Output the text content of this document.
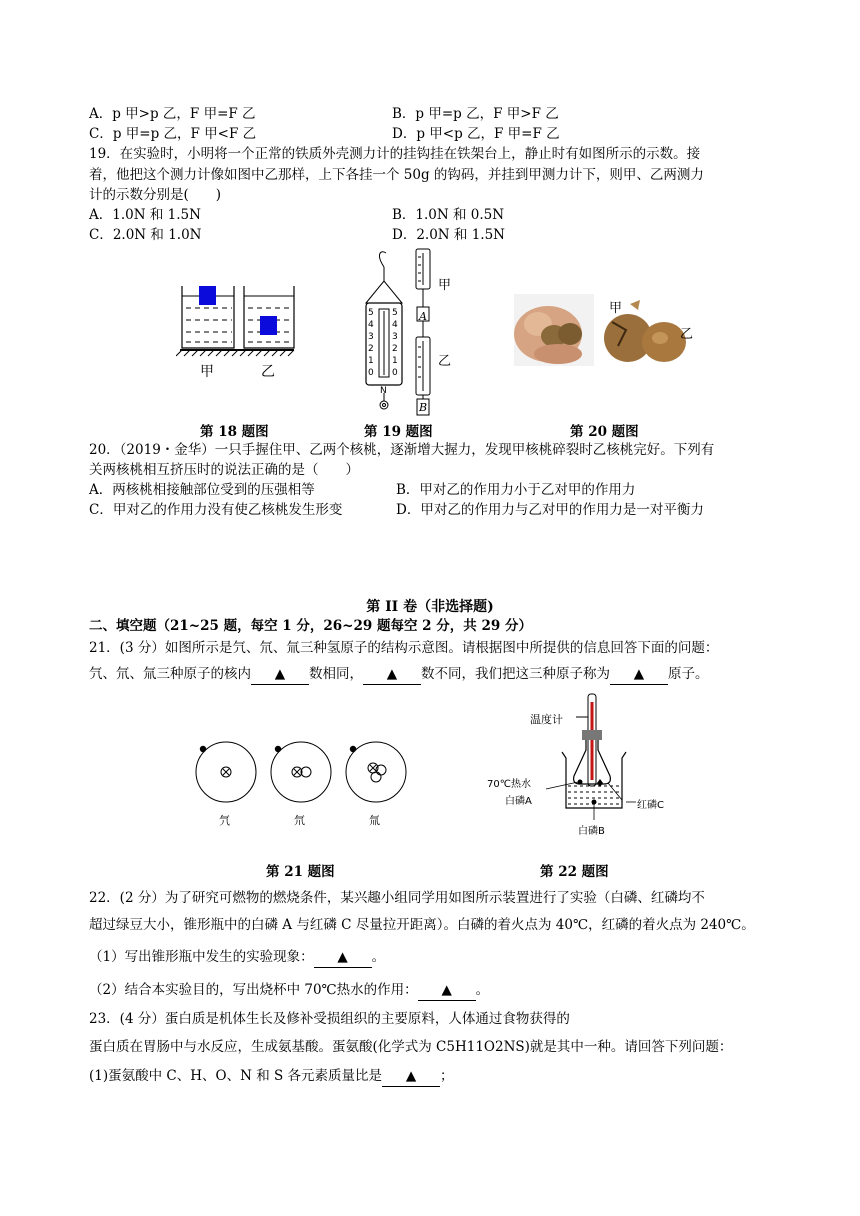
A．p 甲>p 乙，F 甲=F 乙	B．p 甲=p 乙，F 甲>F 乙
C．p 甲=p 乙，F 甲<F 乙	D．p 甲<p 乙，F 甲=F 乙
19．在实验时，小明将一个正常的铁质外壳测力计的挂钩挂在铁架台上，静止时有如图所示的示数。接
着，他把这个测力计像如图中乙那样，上下各挂一个 50g 的钩码，并挂到甲测力计下，则甲、乙两测力
计的示数分别是(　　)
A．1.0N 和 1.5N	B．1.0N 和 0.5N
C．2.0N 和 1.0N	D．2.0N 和 1.5N
甲	乙
5 5
4 4
3 3
2 2
1 1
0 0
N
A
B
甲
乙
甲
乙
第 18 题图	第 19 题图	第 20 题图
20．（2019・金华）一只手握住甲、乙两个核桃，逐渐增大握力，发现甲核桃碎裂时乙核桃完好。下列有
关两核桃相互挤压时的说法正确的是（　　）
A．两核桃相接触部位受到的压强相等	B．甲对乙的作用力小于乙对甲的作用力
C．甲对乙的作用力没有使乙核桃发生形变	D．甲对乙的作用力与乙对甲的作用力是一对平衡力
第 II 卷（非选择题)
二、填空题（21~25 题，每空 1 分，26~29 题每空 2 分，共 29 分）
21．(3 分）如图所示是氕、氘、氚三种氢原子的结构示意图。请根据图中所提供的信息回答下面的问题：
氕、氘、氚三种原子的核内 ▲ 数相同， ▲ 数不同，我们把这三种原子称为 ▲ 原子。
氕	氘	氚
温度计
70℃热水
白磷A	红磷C
白磷B
第 21 题图	第 22 题图
22．(2 分）为了研究可燃物的燃烧条件，某兴趣小组同学用如图所示装置进行了实验（白磷、红磷均不
超过绿豆大小，锥形瓶中的白磷 A 与红磷 C 尽量拉开距离）。白磷的着火点为 40℃，红磷的着火点为 240℃。
（1）写出锥形瓶中发生的实验现象： ▲ 。
（2）结合本实验目的，写出烧杯中 70℃热水的作用： ▲ 。
23．(4 分）蛋白质是机体生长及修补受损组织的主要原料，人体通过食物获得的
蛋白质在胃肠中与水反应，生成氨基酸。蛋氨酸(化学式为 C5H11O2NS)就是其中一种。请回答下列问题：
(1)蛋氨酸中 C、H、O、N 和 S 各元素质量比是 ▲ ；
